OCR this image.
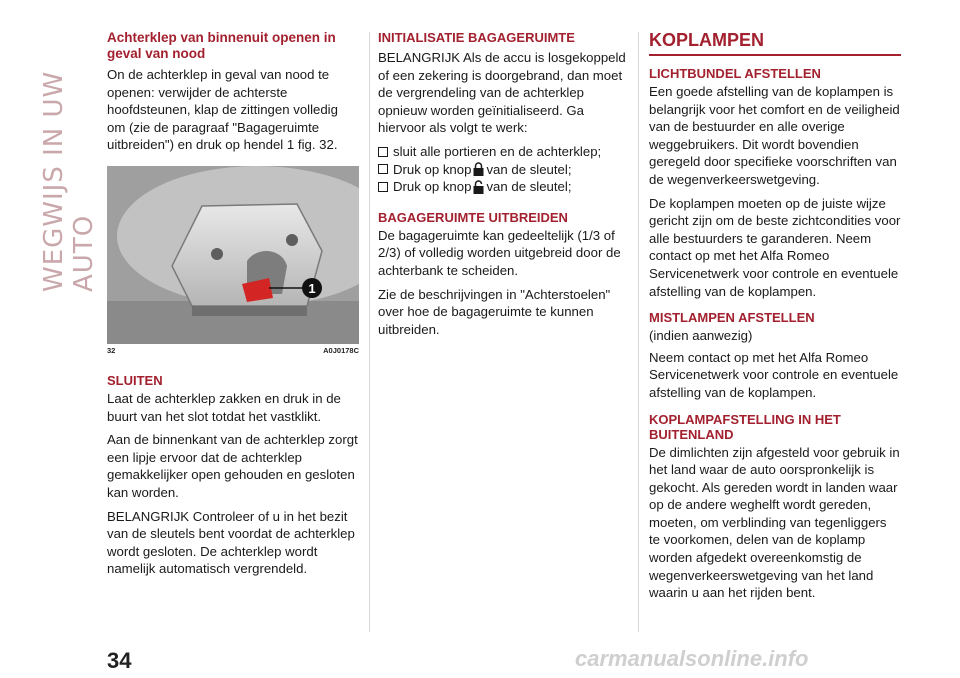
WEGWIJS IN UW AUTO
Achterklep van binnenuit openen in geval van nood

On de achterklep in geval van nood te openen: verwijder de achterste hoofdsteunen, klap de zittingen volledig om (zie de paragraaf "Bagageruimte uitbreiden") en druk op hendel 1 fig. 32.

1
32	A0J0178C
SLUITEN

Laat de achterklep zakken en druk in de buurt van het slot totdat het vastklikt.

Aan de binnenkant van de achterklep zorgt een lipje ervoor dat de achterklep gemakkelijker open gehouden en gesloten kan worden.

BELANGRIJK Controleer of u in het bezit van de sleutels bent voordat de achterklep wordt gesloten. De achterklep wordt namelijk automatisch vergrendeld.

INITIALISATIE BAGAGERUIMTE

BELANGRIJK Als de accu is losgekoppeld of een zekering is doorgebrand, dan moet de vergrendeling van de achterklep opnieuw worden geïnitialiseerd. Ga hiervoor als volgt te werk:

sluit alle portieren en de achterklep;
Druk op knop van de sleutel;
Druk op knop van de sleutel;
BAGAGERUIMTE UITBREIDEN

De bagageruimte kan gedeeltelijk (1/3 of 2/3) of volledig worden uitgebreid door de achterbank te scheiden.

Zie de beschrijvingen in "Achterstoelen" over hoe de bagageruimte te kunnen uitbreiden.

KOPLAMPEN
LICHTBUNDEL AFSTELLEN

Een goede afstelling van de koplampen is belangrijk voor het comfort en de veiligheid van de bestuurder en alle overige weggebruikers. Dit wordt bovendien geregeld door specifieke voorschriften van de wegenverkeerswetgeving.

De koplampen moeten op de juiste wijze gericht zijn om de beste zichtcondities voor alle bestuurders te garanderen. Neem contact op met het Alfa Romeo Servicenetwerk voor controle en eventuele afstelling van de koplampen.

MISTLAMPEN AFSTELLEN

(indien aanwezig)

Neem contact op met het Alfa Romeo Servicenetwerk voor controle en eventuele afstelling van de koplampen.

KOPLAMPAFSTELLING IN HET BUITENLAND

De dimlichten zijn afgesteld voor gebruik in het land waar de auto oorspronkelijk is gekocht. Als gereden wordt in landen waar op de andere weghelft wordt gereden, moeten, om verblinding van tegenliggers te voorkomen, delen van de koplamp worden afgedekt overeenkomstig de wegenverkeerswetgeving van het land waarin u aan het rijden bent.

34	carmanualsonline.info
